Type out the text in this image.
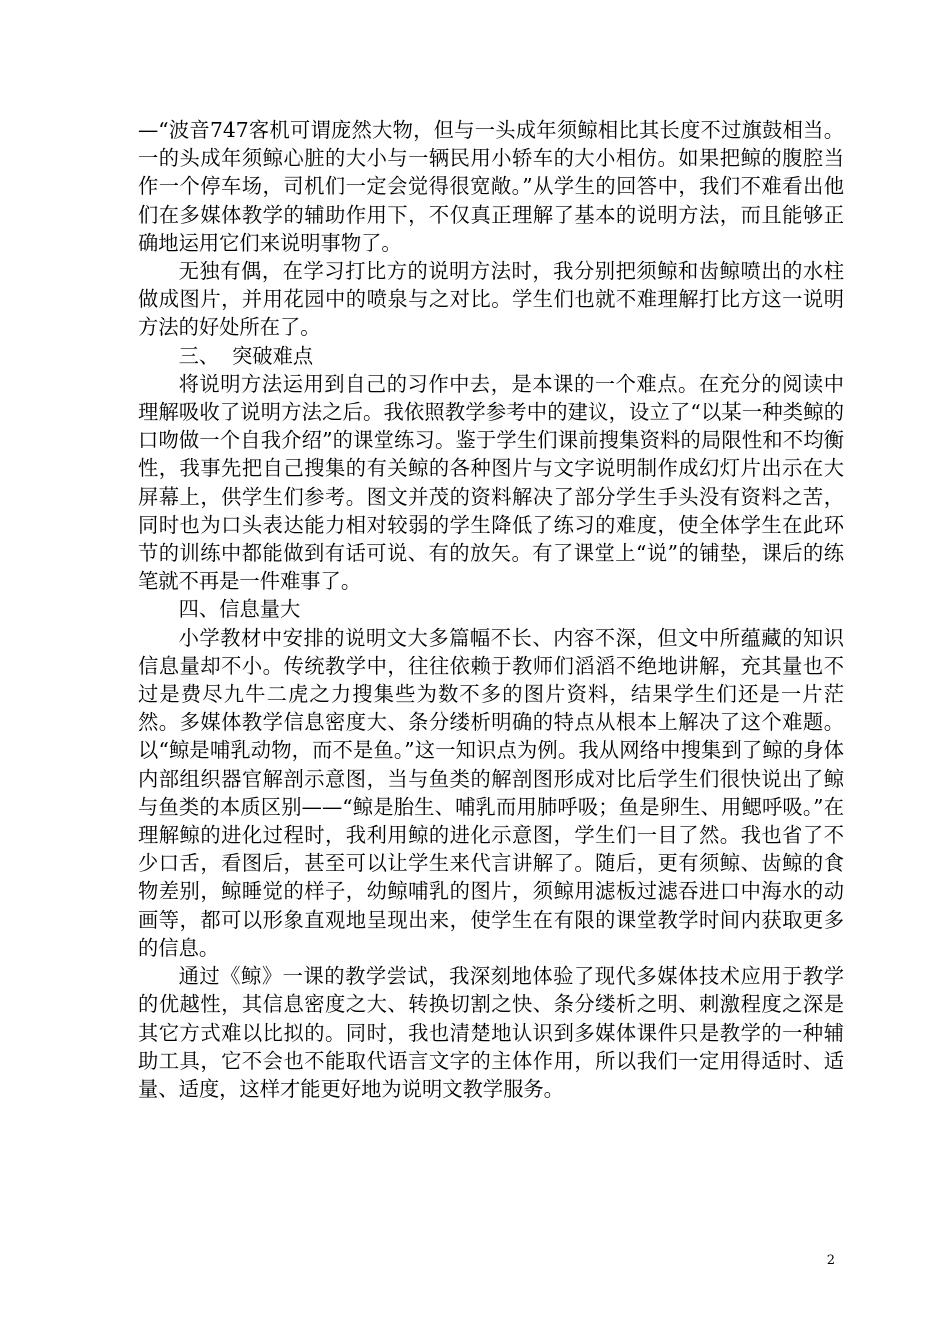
—“波音747客机可谓庞然大物，但与一头成年须鲸相比其长度不过旗鼓相当。一的头成年须鲸心脏的大小与一辆民用小轿车的大小相仿。如果把鲸的腹腔当作一个停车场，司机们一定会觉得很宽敞。”从学生的回答中，我们不难看出他们在多媒体教学的辅助作用下，不仅真正理解了基本的说明方法，而且能够正确地运用它们来说明事物了。

无独有偶，在学习打比方的说明方法时，我分别把须鲸和齿鲸喷出的水柱做成图片，并用花园中的喷泉与之对比。学生们也就不难理解打比方这一说明方法的好处所在了。

三、  突破难点

将说明方法运用到自己的习作中去，是本课的一个难点。在充分的阅读中理解吸收了说明方法之后。我依照教学参考中的建议，设立了“以某一种类鲸的口吻做一个自我介绍”的课堂练习。鉴于学生们课前搜集资料的局限性和不均衡性，我事先把自己搜集的有关鲸的各种图片与文字说明制作成幻灯片出示在大屏幕上，供学生们参考。图文并茂的资料解决了部分学生手头没有资料之苦，同时也为口头表达能力相对较弱的学生降低了练习的难度，使全体学生在此环节的训练中都能做到有话可说、有的放矢。有了课堂上“说”的铺垫，课后的练笔就不再是一件难事了。

四、信息量大

小学教材中安排的说明文大多篇幅不长、内容不深，但文中所蕴藏的知识信息量却不小。传统教学中，往往依赖于教师们滔滔不绝地讲解，充其量也不过是费尽九牛二虎之力搜集些为数不多的图片资料，结果学生们还是一片茫然。多媒体教学信息密度大、条分缕析明确的特点从根本上解决了这个难题。以“鲸是哺乳动物，而不是鱼。”这一知识点为例。我从网络中搜集到了鲸的身体内部组织器官解剖示意图，当与鱼类的解剖图形成对比后学生们很快说出了鲸与鱼类的本质区别——“鲸是胎生、哺乳而用肺呼吸；鱼是卵生、用鳃呼吸。”在理解鲸的进化过程时，我利用鲸的进化示意图，学生们一目了然。我也省了不少口舌，看图后，甚至可以让学生来代言讲解了。随后，更有须鲸、齿鲸的食物差别，鲸睡觉的样子，幼鲸哺乳的图片，须鲸用滤板过滤吞进口中海水的动画等，都可以形象直观地呈现出来，使学生在有限的课堂教学时间内获取更多的信息。

通过《鲸》一课的教学尝试，我深刻地体验了现代多媒体技术应用于教学的优越性，其信息密度之大、转换切割之快、条分缕析之明、刺激程度之深是其它方式难以比拟的。同时，我也清楚地认识到多媒体课件只是教学的一种辅助工具，它不会也不能取代语言文字的主体作用，所以我们一定用得适时、适量、适度，这样才能更好地为说明文教学服务。

2
